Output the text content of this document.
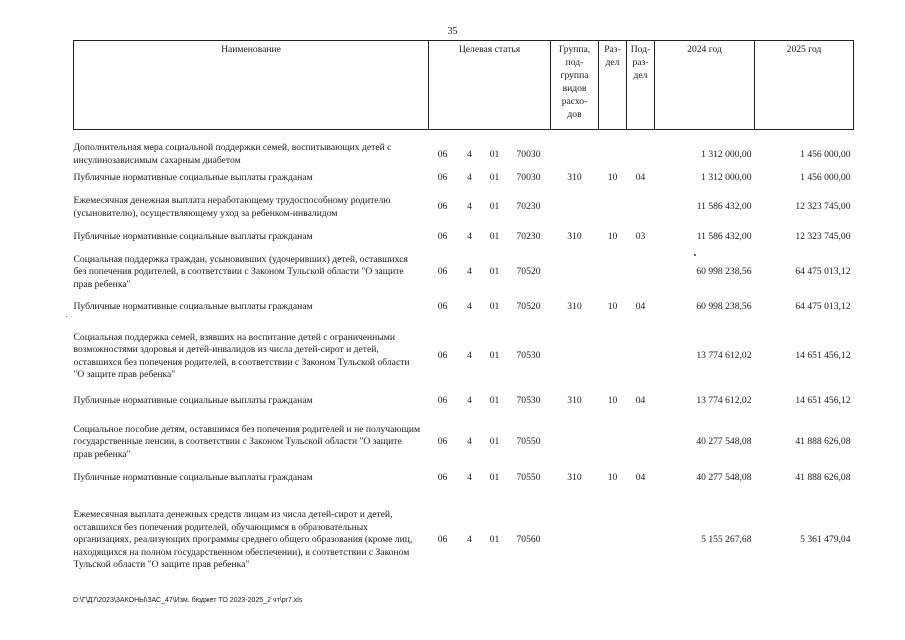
35
Наименование	Целевая статья				Группа, под- группа видов расхо- дов	Раз- дел	Под- раз- дел	2024 год	2025 год
Дополнительная мера социальной поддержки семей, воспитывающих детей с инсулинозависимым сахарным диабетом	06	4	01	70030				1 312 000,00	1 456 000,00
Публичные нормативные социальные выплаты гражданам	06	4	01	70030	310	10	04	1 312 000,00	1 456 000,00
Ежемесячная денежная выплата неработающему трудоспособному родителю (усыновителю), осуществляющему уход за ребенком-инвалидом	06	4	01	70230				11 586 432,00	12 323 745,00
Публичные нормативные социальные выплаты гражданам	06	4	01	70230	310	10	03	11 586 432,00	12 323 745,00
Социальная поддержка граждан, усыновивших (удочеривших) детей, оставшихся без попечения родителей, в соответствии с Законом Тульской области "О защите прав ребенка"	06	4	01	70520				60 998 238,56	64 475 013,12
Публичные нормативные социальные выплаты гражданам	06	4	01	70520	310	10	04	60 998 238,56	64 475 013,12
Социальная поддержка семей, взявших на воспитание детей с ограниченными возможностями здоровья и детей-инвалидов из числа детей-сирот и детей, оставшихся без попечения родителей, в соответствии с Законом Тульской области "О защите прав ребенка"	06	4	01	70530				13 774 612,02	14 651 456,12
Публичные нормативные социальные выплаты гражданам	06	4	01	70530	310	10	04	13 774 612,02	14 651 456,12
Социальное пособие детям, оставшимся без попечения родителей и не получающим государственные пенсии, в соответствии с Законом Тульской области "О защите прав ребенка"	06	4	01	70550				40 277 548,08	41 888 626,08
Публичные нормативные социальные выплаты гражданам	06	4	01	70550	310	10	04	40 277 548,08	41 888 626,08
Ежемесячная выплата денежных средств лицам из числа детей-сирот и детей, оставшихся без попечения родителей, обучающимся в образовательных организациях, реализующих программы среднего общего образования (кроме лиц, находящихся на полном государственном обеспечении), в соответствии с Законом Тульской области "О защите прав ребенка"	06	4	01	70560				5 155 267,68	5 361 479,04
D:\Г\Д7\2023\ЗАКОНЫ\ЗАС_47\Изм. бюджет ТО 2023-2025_2 чт\pr7.xls
